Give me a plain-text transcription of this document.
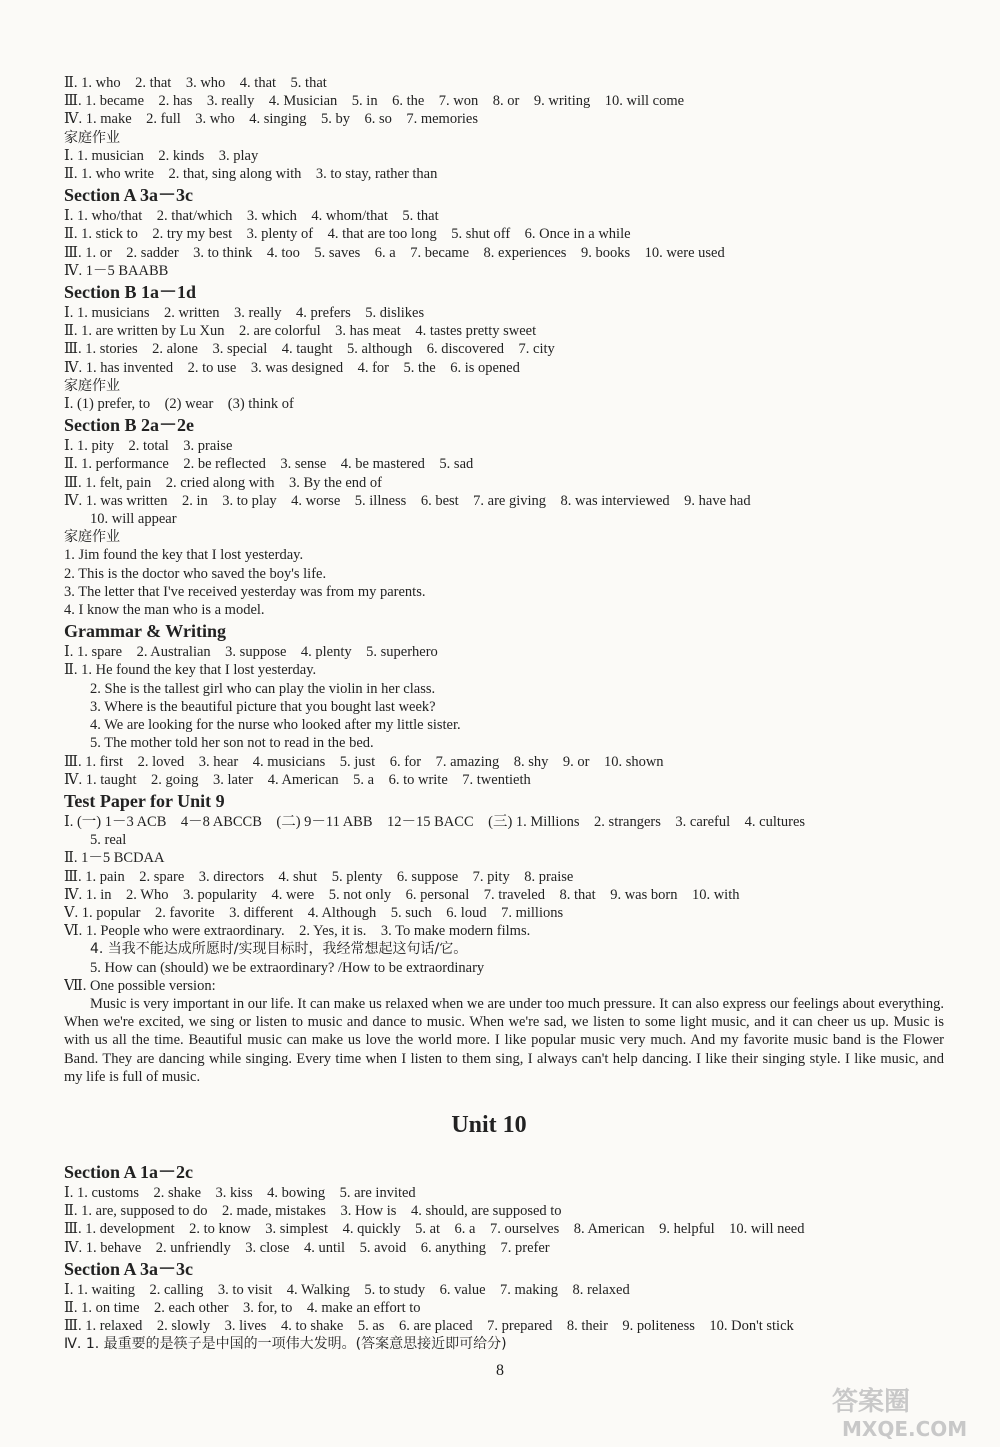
Ⅱ. 1. who    2. that    3. who    4. that    5. that
Ⅲ. 1. became    2. has    3. really    4. Musician    5. in    6. the    7. won    8. or    9. writing    10. will come
Ⅳ. 1. make    2. full    3. who    4. singing    5. by    6. so    7. memories
家庭作业
Ⅰ. 1. musician    2. kinds    3. play
Ⅱ. 1. who write    2. that, sing along with    3. to stay, rather than
Section A 3a－3c
Ⅰ. 1. who/that    2. that/which    3. which    4. whom/that    5. that
Ⅱ. 1. stick to    2. try my best    3. plenty of    4. that are too long    5. shut off    6. Once in a while
Ⅲ. 1. or    2. sadder    3. to think    4. too    5. saves    6. a    7. became    8. experiences    9. books    10. were used
Ⅳ. 1－5 BAABB
Section B 1a－1d
Ⅰ. 1. musicians    2. written    3. really    4. prefers    5. dislikes
Ⅱ. 1. are written by Lu Xun    2. are colorful    3. has meat    4. tastes pretty sweet
Ⅲ. 1. stories    2. alone    3. special    4. taught    5. although    6. discovered    7. city
Ⅳ. 1. has invented    2. to use    3. was designed    4. for    5. the    6. is opened
家庭作业
Ⅰ. (1) prefer, to    (2) wear    (3) think of
Section B 2a－2e
Ⅰ. 1. pity    2. total    3. praise
Ⅱ. 1. performance    2. be reflected    3. sense    4. be mastered    5. sad
Ⅲ. 1. felt, pain    2. cried along with    3. By the end of
Ⅳ. 1. was written    2. in    3. to play    4. worse    5. illness    6. best    7. are giving    8. was interviewed    9. have had
10. will appear
家庭作业
1. Jim found the key that I lost yesterday.
2. This is the doctor who saved the boy's life.
3. The letter that I've received yesterday was from my parents.
4. I know the man who is a model.
Grammar & Writing
Ⅰ. 1. spare    2. Australian    3. suppose    4. plenty    5. superhero
Ⅱ. 1. He found the key that I lost yesterday.
2. She is the tallest girl who can play the violin in her class.
3. Where is the beautiful picture that you bought last week?
4. We are looking for the nurse who looked after my little sister.
5. The mother told her son not to read in the bed.
Ⅲ. 1. first    2. loved    3. hear    4. musicians    5. just    6. for    7. amazing    8. shy    9. or    10. shown
Ⅳ. 1. taught    2. going    3. later    4. American    5. a    6. to write    7. twentieth
Test Paper for Unit 9
Ⅰ. (一) 1－3 ACB    4－8 ABCCB    (二) 9－11 ABB    12－15 BACC    (三) 1. Millions    2. strangers    3. careful    4. cultures
5. real
Ⅱ. 1－5 BCDAA
Ⅲ. 1. pain    2. spare    3. directors    4. shut    5. plenty    6. suppose    7. pity    8. praise
Ⅳ. 1. in    2. Who    3. popularity    4. were    5. not only    6. personal    7. traveled    8. that    9. was born    10. with
Ⅴ. 1. popular    2. favorite    3. different    4. Although    5. such    6. loud    7. millions
Ⅵ. 1. People who were extraordinary.    2. Yes, it is.    3. To make modern films.
4. 当我不能达成所愿时/实现目标时，我经常想起这句话/它。
5. How can (should) we be extraordinary? /How to be extraordinary
Ⅶ. One possible version:
Music is very important in our life. It can make us relaxed when we are under too much pressure. It can also express our feelings about everything. When we're excited, we sing or listen to music and dance to music. When we're sad, we listen to some light music, and it can cheer us up. Music is with us all the time. Beautiful music can make us love the world more. I like popular music very much. And my favorite music band is the Flower Band. They are dancing while singing. Every time when I listen to them sing, I always can't help dancing. I like their singing style. I like music, and my life is full of music.
Unit 10
Section A 1a－2c
Ⅰ. 1. customs    2. shake    3. kiss    4. bowing    5. are invited
Ⅱ. 1. are, supposed to do    2. made, mistakes    3. How is    4. should, are supposed to
Ⅲ. 1. development    2. to know    3. simplest    4. quickly    5. at    6. a    7. ourselves    8. American    9. helpful    10. will need
Ⅳ. 1. behave    2. unfriendly    3. close    4. until    5. avoid    6. anything    7. prefer
Section A 3a－3c
Ⅰ. 1. waiting    2. calling    3. to visit    4. Walking    5. to study    6. value    7. making    8. relaxed
Ⅱ. 1. on time    2. each other    3. for, to    4. make an effort to
Ⅲ. 1. relaxed    2. slowly    3. lives    4. to shake    5. as    6. are placed    7. prepared    8. their    9. politeness    10. Don't stick
Ⅳ. 1. 最重要的是筷子是中国的一项伟大发明。(答案意思接近即可给分)
8
答案圈
MXQE.COM
